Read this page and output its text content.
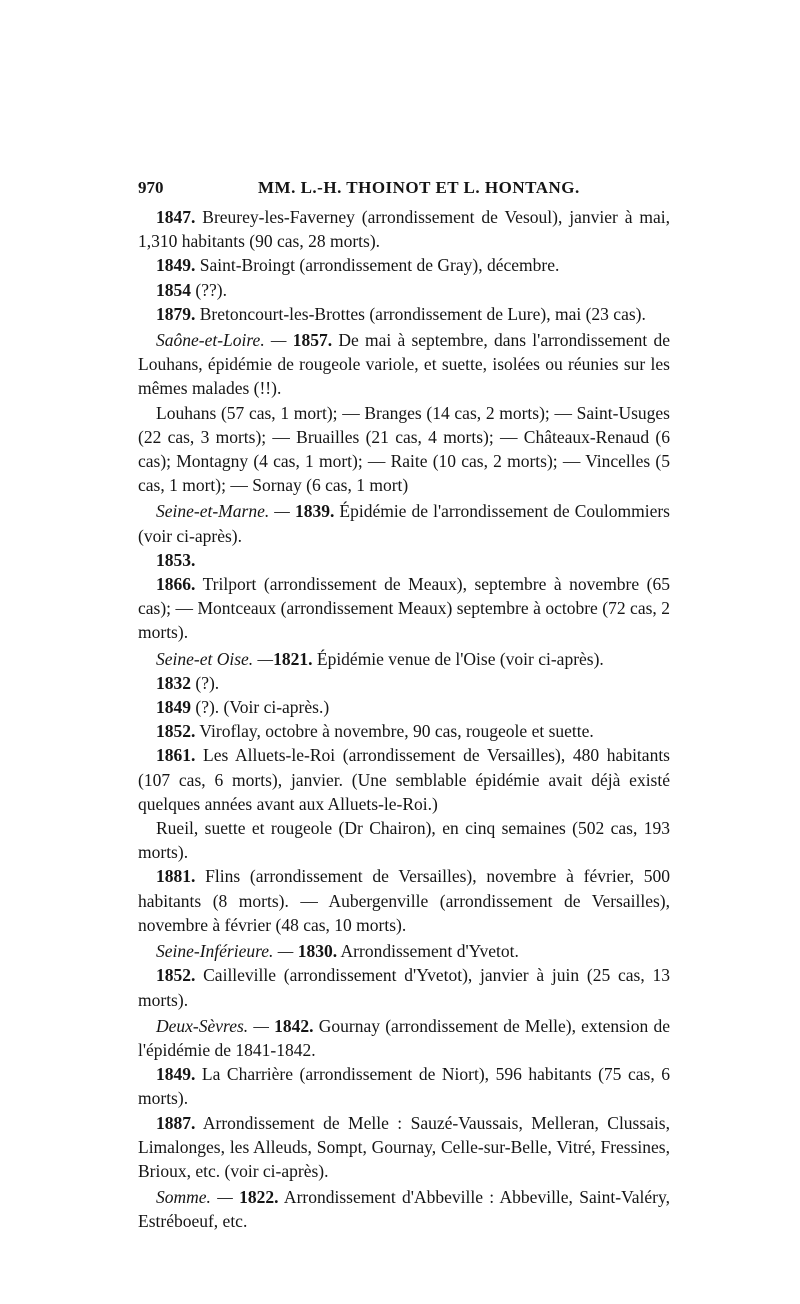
970	MM. L.-H. THOINOT ET L. HONTANG.

1847. Breurey-les-Faverney (arrondissement de Vesoul), janvier à mai, 1,310 habitants (90 cas, 28 morts).

1849. Saint-Broingt (arrondissement de Gray), décembre.

1854 (??).

1879. Bretoncourt-les-Brottes (arrondissement de Lure), mai (23 cas).

Saône-et-Loire. — 1857. De mai à septembre, dans l'arrondissement de Louhans, épidémie de rougeole variole, et suette, isolées ou réunies sur les mêmes malades (!!).

Louhans (57 cas, 1 mort); — Branges (14 cas, 2 morts); — Saint-Usuges (22 cas, 3 morts); — Bruailles (21 cas, 4 morts); — Châteaux-Renaud (6 cas); Montagny (4 cas, 1 mort); — Raite (10 cas, 2 morts); — Vincelles (5 cas, 1 mort); — Sornay (6 cas, 1 mort)

Seine-et-Marne. — 1839. Épidémie de l'arrondissement de Coulommiers (voir ci-après).

1853.

1866. Trilport (arrondissement de Meaux), septembre à novembre (65 cas); — Montceaux (arrondissement Meaux) septembre à octobre (72 cas, 2 morts).

Seine-et Oise. —1821. Épidémie venue de l'Oise (voir ci-après).

1832 (?).

1849 (?). (Voir ci-après.)

1852. Viroflay, octobre à novembre, 90 cas, rougeole et suette.

1861. Les Alluets-le-Roi (arrondissement de Versailles), 480 habitants (107 cas, 6 morts), janvier. (Une semblable épidémie avait déjà existé quelques années avant aux Alluets-le-Roi.)

Rueil, suette et rougeole (Dr Chairon), en cinq semaines (502 cas, 193 morts).

1881. Flins (arrondissement de Versailles), novembre à février, 500 habitants (8 morts). — Aubergenville (arrondissement de Versailles), novembre à février (48 cas, 10 morts).

Seine-Inférieure. — 1830. Arrondissement d'Yvetot.

1852. Cailleville (arrondissement d'Yvetot), janvier à juin (25 cas, 13 morts).

Deux-Sèvres. — 1842. Gournay (arrondissement de Melle), extension de l'épidémie de 1841-1842.

1849. La Charrière (arrondissement de Niort), 596 habitants (75 cas, 6 morts).

1887. Arrondissement de Melle : Sauzé-Vaussais, Melleran, Clussais, Limalonges, les Alleuds, Sompt, Gournay, Celle-sur-Belle, Vitré, Fressines, Brioux, etc. (voir ci-après).

Somme. — 1822. Arrondissement d'Abbeville : Abbeville, Saint-Valéry, Estréboeuf, etc.
